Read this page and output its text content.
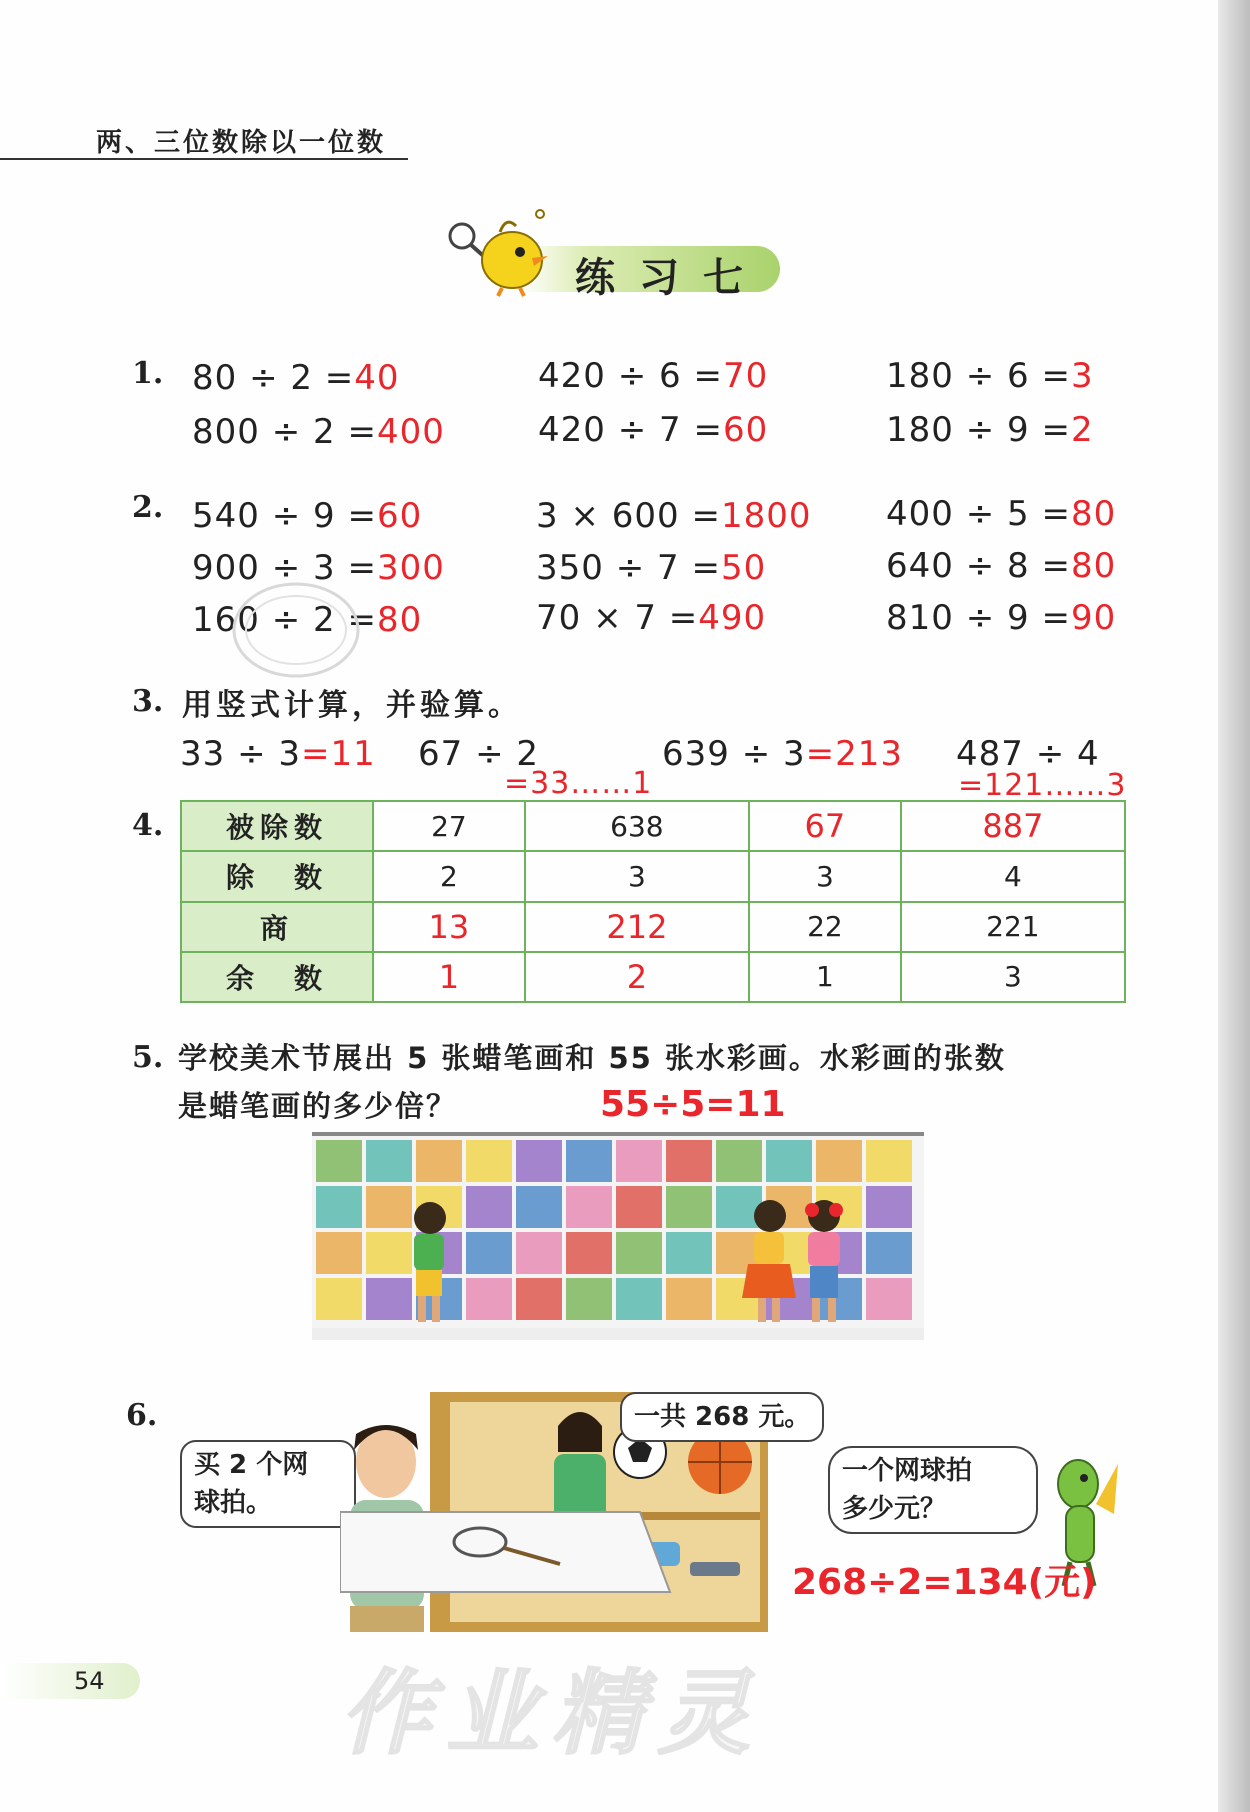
两、三位数除以一位数
练习七
1. 80 ÷ 2 =40
800 ÷ 2 =400
420 ÷ 6 =70
420 ÷ 7 =60
180 ÷ 6 =3
180 ÷ 9 =2
2. 540 ÷ 9 =60
900 ÷ 3 =300
160 ÷ 2 =80
3 × 600 =1800
350 ÷ 7 =50
70 × 7 =490
400 ÷ 5 =80
640 ÷ 8 =80
810 ÷ 9 =90
3. 用竖式计算，并验算。
33 ÷ 3=11 67 ÷ 2
=33……1
639 ÷ 3=213 487 ÷ 4
=121……3
4. 被除数	27	638	67	887
除　数	2	3	3	4
商	13	212	22	221
余　数	1	2	1	3
5. 学校美术节展出 5 张蜡笔画和 55 张水彩画。水彩画的张数
是蜡笔画的多少倍？	55÷5=11
6.
买 2 个网
球拍。
一共 268 元。
一个网球拍
多少元？
268÷2=134(元)
54	作业精灵
